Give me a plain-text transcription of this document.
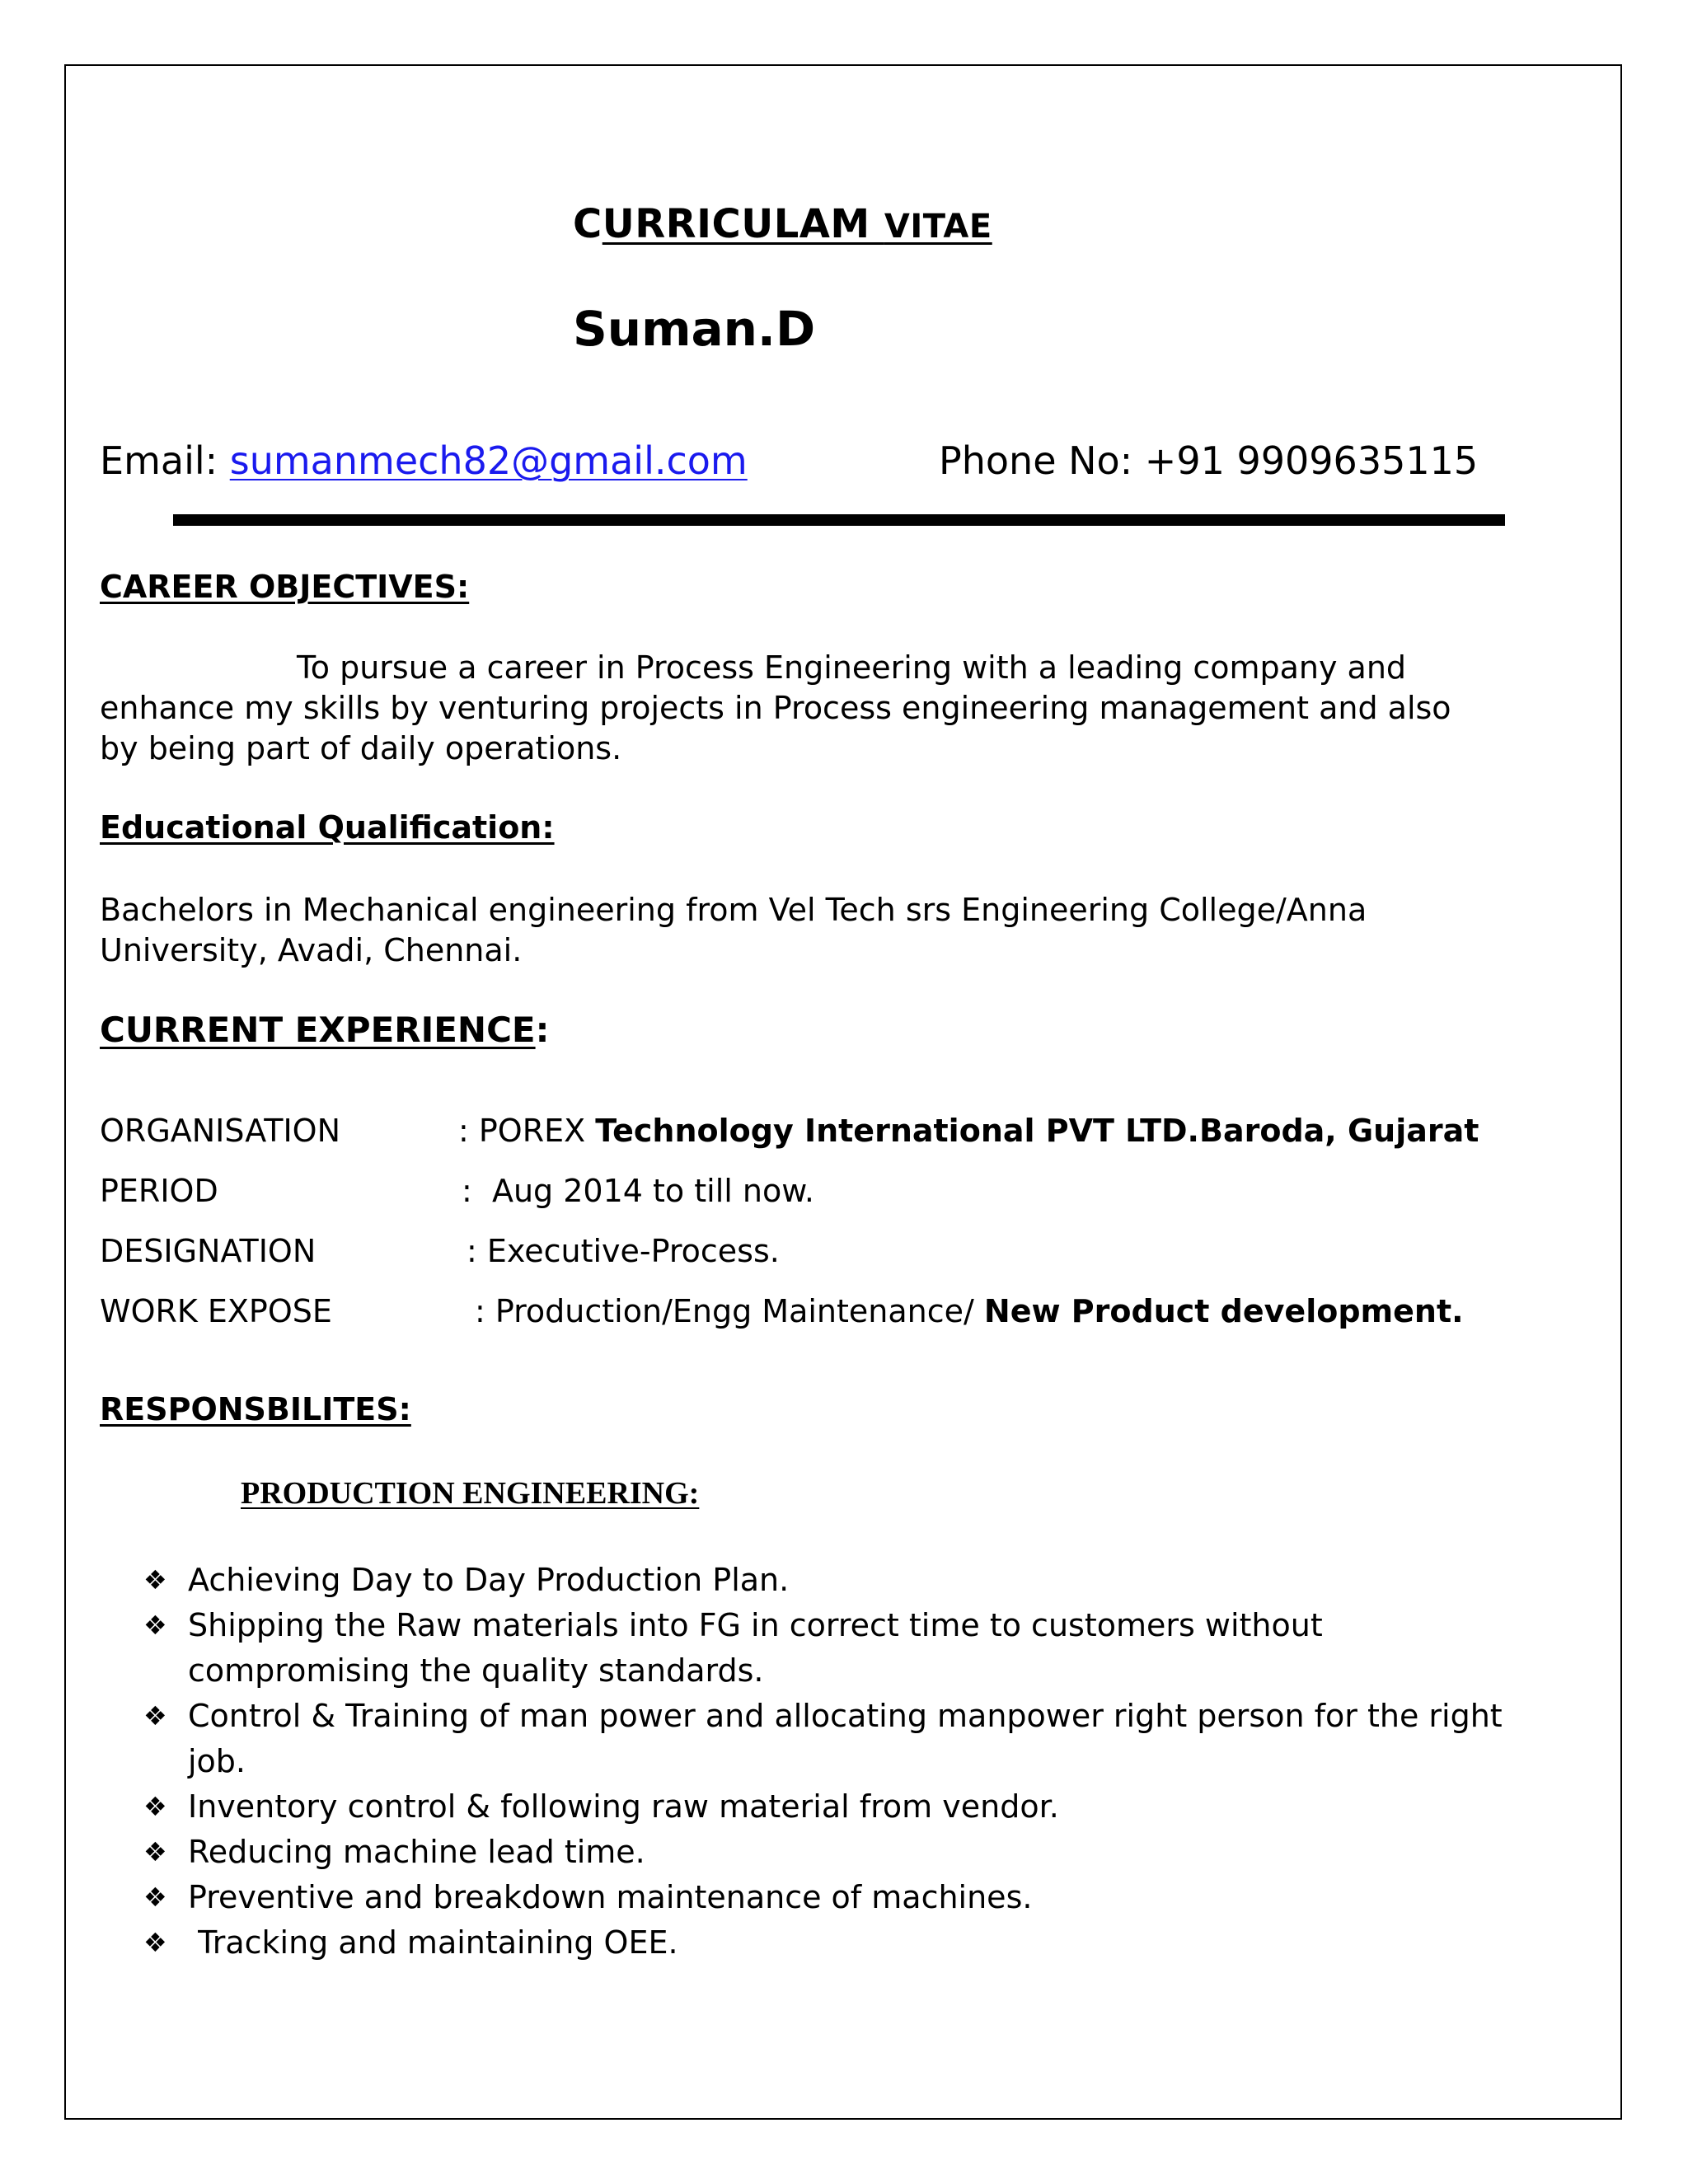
CURRICULAM VITAE
Suman.D
Email: sumanmech82@gmail.com	Phone No: +91 9909635115
CAREER OBJECTIVES:
To pursue a career in Process Engineering with a leading company and
enhance my skills by venturing projects in Process engineering management and also
by being part of daily operations.
Educational Qualification:
Bachelors in Mechanical engineering from Vel Tech srs Engineering College/Anna
University, Avadi, Chennai.
CURRENT EXPERIENCE:
ORGANISATION	: POREX Technology International PVT LTD.Baroda, Gujarat
PERIOD	:  Aug 2014 to till now.
DESIGNATION	: Executive-Process.
WORK EXPOSE	: Production/Engg Maintenance/ New Product development.
RESPONSBILITES:
PRODUCTION ENGINEERING:
❖ Achieving Day to Day Production Plan.
❖ Shipping the Raw materials into FG in correct time to customers without compromising the quality standards.
❖ Control & Training of man power and allocating manpower right person for the right job.
❖ Inventory control & following raw material from vendor.
❖ Reducing machine lead time.
❖ Preventive and breakdown maintenance of machines.
❖ Tracking and maintaining OEE.
